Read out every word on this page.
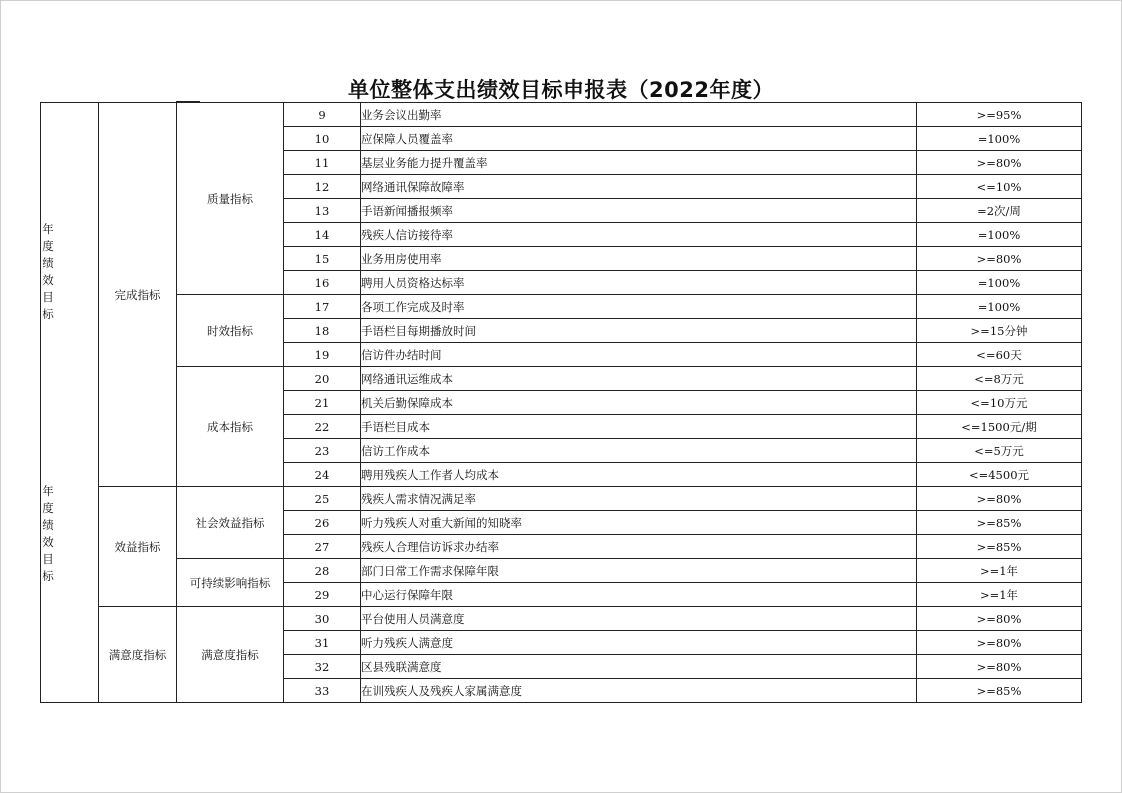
单位整体支出绩效目标申报表（2022年度）
年度绩效目标
年度绩效目标	完成指标	质量指标	9	业务会议出勤率	>=95%
			10	应保障人员覆盖率	=100%
			11	基层业务能力提升覆盖率	>=80%
			12	网络通讯保障故障率	<=10%
			13	手语新闻播报频率	=2次/周
			14	残疾人信访接待率	=100%
			15	业务用房使用率	>=80%
			16	聘用人员资格达标率	=100%
		时效指标	17	各项工作完成及时率	=100%
			18	手语栏目每期播放时间	>=15分钟
			19	信访件办结时间	<=60天
		成本指标	20	网络通讯运维成本	<=8万元
			21	机关后勤保障成本	<=10万元
			22	手语栏目成本	<=1500元/期
			23	信访工作成本	<=5万元
			24	聘用残疾人工作者人均成本	<=4500元
	效益指标	社会效益指标	25	残疾人需求情况满足率	>=80%
			26	听力残疾人对重大新闻的知晓率	>=85%
			27	残疾人合理信访诉求办结率	>=85%
		可持续影响指标	28	部门日常工作需求保障年限	>=1年
			29	中心运行保障年限	>=1年
	满意度指标	满意度指标	30	平台使用人员满意度	>=80%
			31	听力残疾人满意度	>=80%
			32	区县残联满意度	>=80%
			33	在训残疾人及残疾人家属满意度	>=85%
